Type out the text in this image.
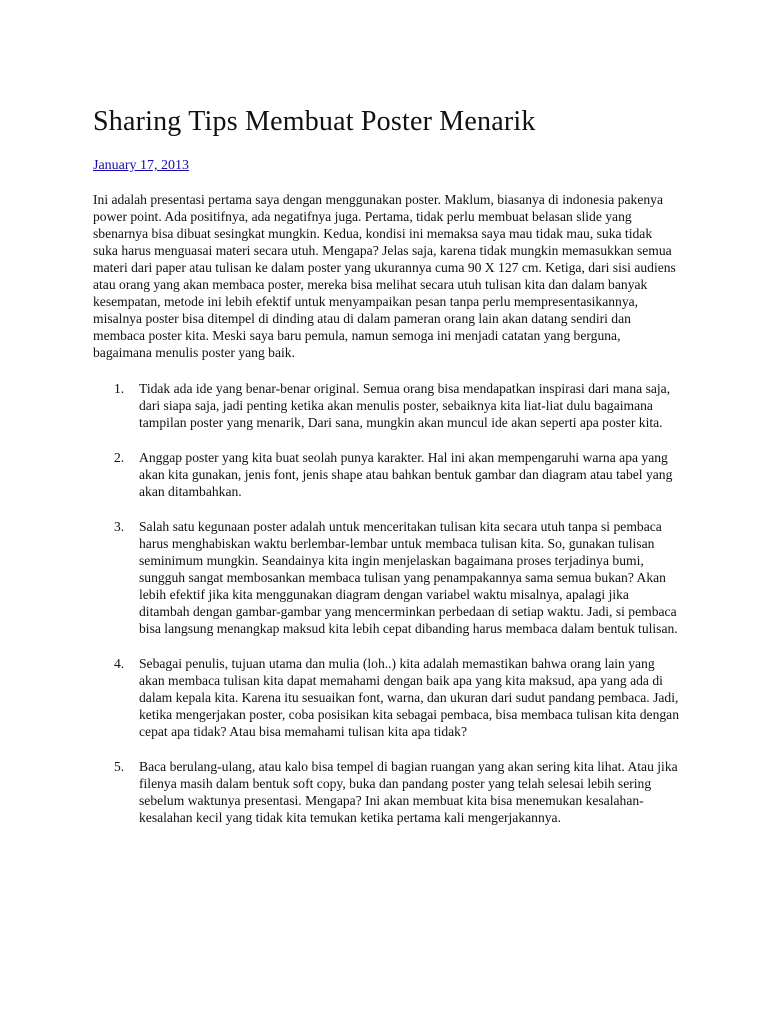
Sharing Tips Membuat Poster Menarik
January 17, 2013

Ini adalah presentasi pertama saya dengan menggunakan poster. Maklum, biasanya di indonesia pakenya power point. Ada positifnya, ada negatifnya juga. Pertama, tidak perlu membuat belasan slide yang sbenarnya bisa dibuat sesingkat mungkin. Kedua, kondisi ini memaksa saya mau tidak mau, suka tidak suka harus menguasai materi secara utuh. Mengapa? Jelas saja, karena tidak mungkin memasukkan semua materi dari paper atau tulisan ke dalam poster yang ukurannya cuma 90 X 127 cm. Ketiga, dari sisi audiens atau orang yang akan membaca poster, mereka bisa melihat secara utuh tulisan kita dan dalam banyak kesempatan, metode ini lebih efektif untuk menyampaikan pesan tanpa perlu mempresentasikannya, misalnya poster bisa ditempel di dinding atau di dalam pameran orang lain akan datang sendiri dan membaca poster kita. Meski saya baru pemula, namun semoga ini menjadi catatan yang berguna, bagaimana menulis poster yang baik.

1. Tidak ada ide yang benar-benar original. Semua orang bisa mendapatkan inspirasi dari mana saja, dari siapa saja, jadi penting ketika akan menulis poster, sebaiknya kita liat-liat dulu bagaimana tampilan poster yang menarik, Dari sana, mungkin akan muncul ide akan seperti apa poster kita.
2. Anggap poster yang kita buat seolah punya karakter. Hal ini akan mempengaruhi warna apa yang akan kita gunakan, jenis font, jenis shape atau bahkan bentuk gambar dan diagram atau tabel yang akan ditambahkan.
3. Salah satu kegunaan poster adalah untuk menceritakan tulisan kita secara utuh tanpa si pembaca harus menghabiskan waktu berlembar-lembar untuk membaca tulisan kita. So, gunakan tulisan seminimum mungkin. Seandainya kita ingin menjelaskan bagaimana proses terjadinya bumi, sungguh sangat membosankan membaca tulisan yang penampakannya sama semua bukan? Akan lebih efektif jika kita menggunakan diagram dengan variabel waktu misalnya, apalagi jika ditambah dengan gambar-gambar yang mencerminkan perbedaan di setiap waktu. Jadi, si pembaca bisa langsung menangkap maksud kita lebih cepat dibanding harus membaca dalam bentuk tulisan.
4. Sebagai penulis, tujuan utama dan mulia (loh..) kita adalah memastikan bahwa orang lain yang akan membaca tulisan kita dapat memahami dengan baik apa yang kita maksud, apa yang ada di dalam kepala kita. Karena itu sesuaikan font, warna, dan ukuran dari sudut pandang pembaca. Jadi, ketika mengerjakan poster, coba posisikan kita sebagai pembaca, bisa membaca tulisan kita dengan cepat apa tidak? Atau bisa memahami tulisan kita apa tidak?
5. Baca berulang-ulang, atau kalo bisa tempel di bagian ruangan yang akan sering kita lihat. Atau jika filenya masih dalam bentuk soft copy, buka dan pandang poster yang telah selesai lebih sering sebelum waktunya presentasi. Mengapa? Ini akan membuat kita bisa menemukan kesalahan-kesalahan kecil yang tidak kita temukan ketika pertama kali mengerjakannya.
